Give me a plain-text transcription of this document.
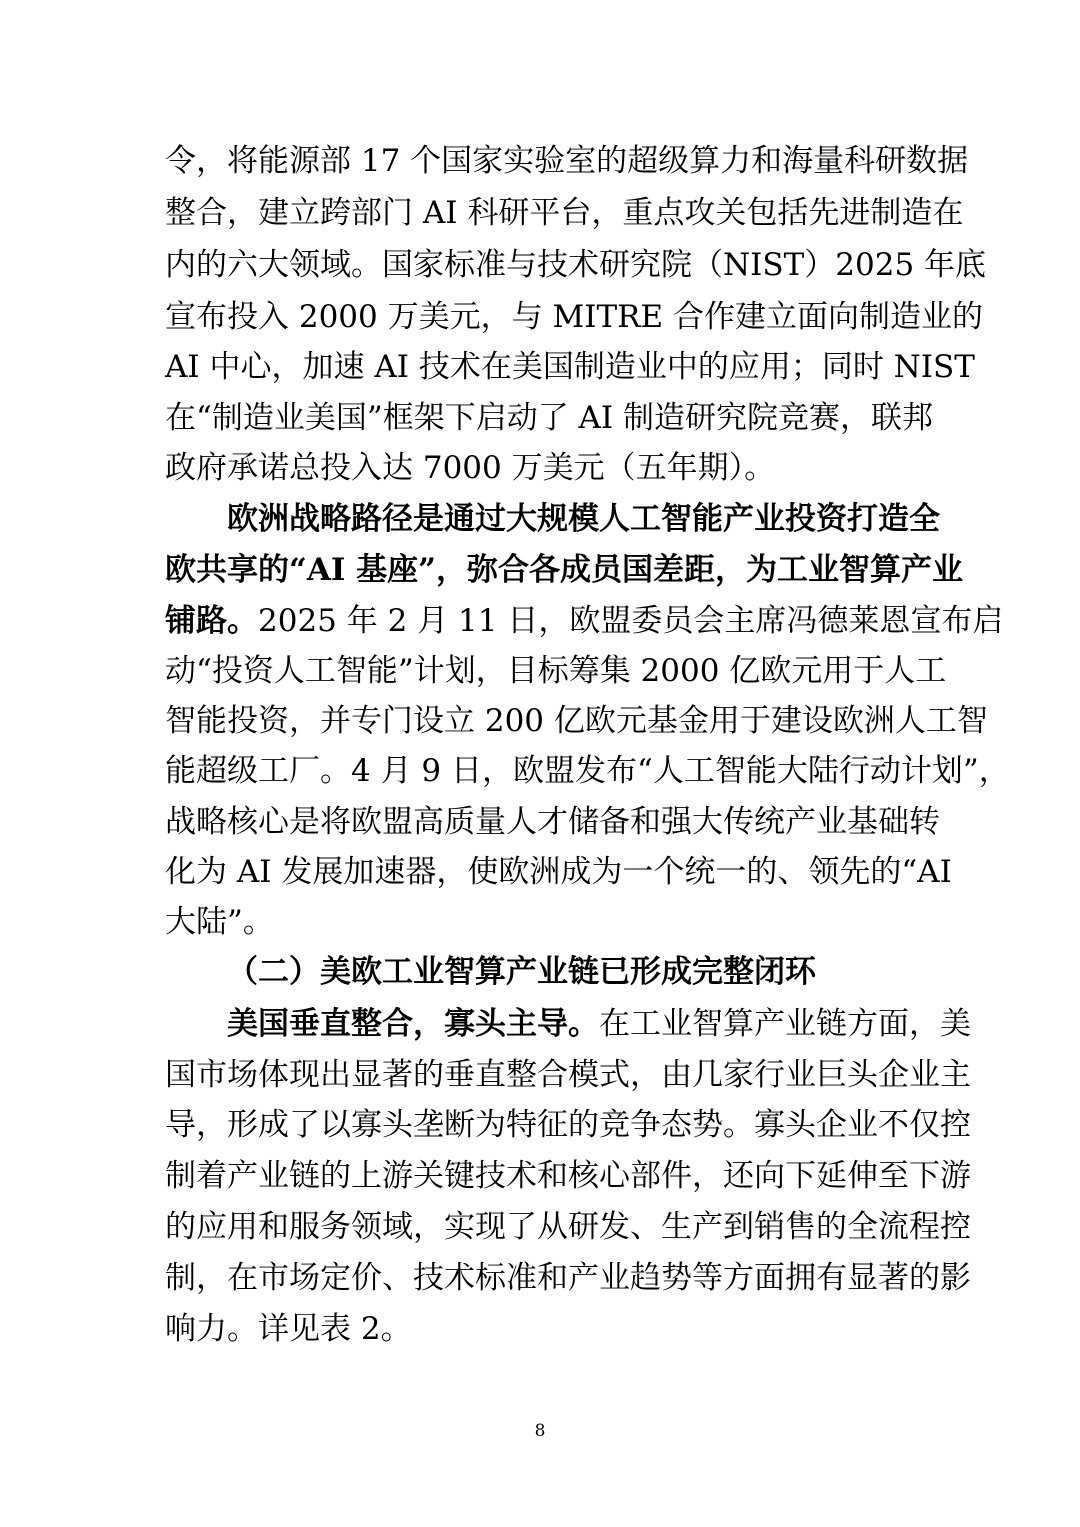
令，将能源部 17 个国家实验室的超级算力和海量科研数据
整合，建立跨部门 AI 科研平台，重点攻关包括先进制造在
内的六大领域。国家标准与技术研究院（NIST）2025 年底
宣布投入 2000 万美元，与 MITRE 合作建立面向制造业的
AI 中心，加速 AI 技术在美国制造业中的应用；同时 NIST
在“制造业美国”框架下启动了 AI 制造研究院竞赛，联邦
政府承诺总投入达 7000 万美元（五年期）。
欧洲战略路径是通过大规模人工智能产业投资打造全
欧共享的“AI 基座”，弥合各成员国差距，为工业智算产业
铺路。2025 年 2 月 11 日，欧盟委员会主席冯德莱恩宣布启
动“投资人工智能”计划，目标筹集 2000 亿欧元用于人工
智能投资，并专门设立 200 亿欧元基金用于建设欧洲人工智
能超级工厂。4 月 9 日，欧盟发布“人工智能大陆行动计划”，
战略核心是将欧盟高质量人才储备和强大传统产业基础转
化为 AI 发展加速器，使欧洲成为一个统一的、领先的“AI
大陆”。
（二）美欧工业智算产业链已形成完整闭环
美国垂直整合，寡头主导。在工业智算产业链方面，美
国市场体现出显著的垂直整合模式，由几家行业巨头企业主
导，形成了以寡头垄断为特征的竞争态势。寡头企业不仅控
制着产业链的上游关键技术和核心部件，还向下延伸至下游
的应用和服务领域，实现了从研发、生产到销售的全流程控
制，在市场定价、技术标准和产业趋势等方面拥有显著的影
响力。详见表 2。
8
